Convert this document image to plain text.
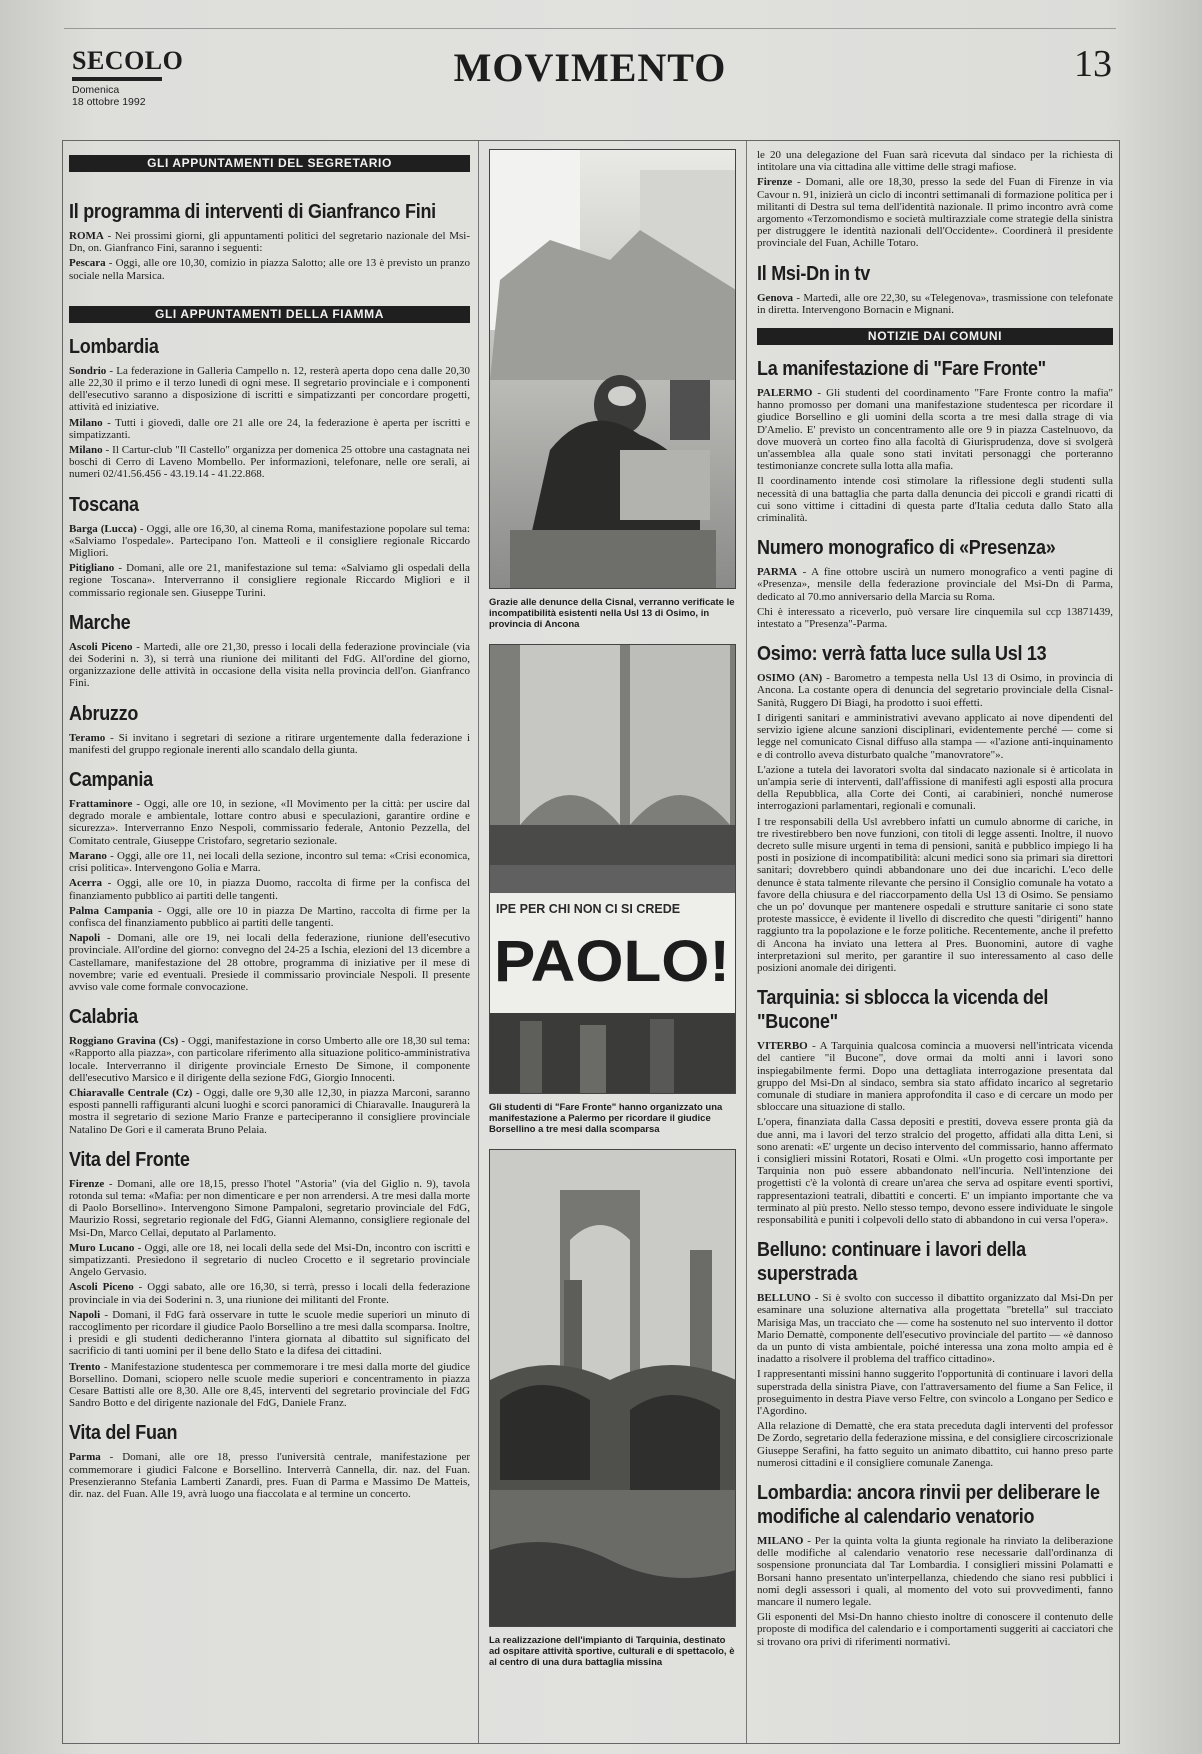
SECOLO
Domenica
18 ottobre 1992
MOVIMENTO	13
GLI APPUNTAMENTI DEL SEGRETARIO
Il programma di interventi di Gianfranco Fini

ROMA - Nei prossimi giorni, gli appuntamenti politici del segretario nazionale del Msi-Dn, on. Gianfranco Fini, saranno i seguenti:

Pescara - Oggi, alle ore 10,30, comizio in piazza Salotto; alle ore 13 è previsto un pranzo sociale nella Marsica.

GLI APPUNTAMENTI DELLA FIAMMA
Lombardia

Sondrio - La federazione in Galleria Campello n. 12, resterà aperta dopo cena dalle 20,30 alle 22,30 il primo e il terzo lunedì di ogni mese. Il segretario provinciale e i componenti dell'esecutivo saranno a disposizione di iscritti e simpatizzanti per concordare progetti, attività ed iniziative.

Milano - Tutti i giovedì, dalle ore 21 alle ore 24, la federazione è aperta per iscritti e simpatizzanti.

Milano - Il Cartur-club "Il Castello" organizza per domenica 25 ottobre una castagnata nei boschi di Cerro di Laveno Mombello. Per informazioni, telefonare, nelle ore serali, ai numeri 02/41.56.456 - 43.19.14 - 41.22.868.

Toscana

Barga (Lucca) - Oggi, alle ore 16,30, al cinema Roma, manifestazione popolare sul tema: «Salviamo l'ospedale». Partecipano l'on. Matteoli e il consigliere regionale Riccardo Migliori.

Pitigliano - Domani, alle ore 21, manifestazione sul tema: «Salviamo gli ospedali della regione Toscana». Interverranno il consigliere regionale Riccardo Migliori e il commissario regionale sen. Giuseppe Turini.

Marche

Ascoli Piceno - Martedì, alle ore 21,30, presso i locali della federazione provinciale (via dei Soderini n. 3), si terrà una riunione dei militanti del FdG. All'ordine del giorno, organizzazione delle attività in occasione della visita nella provincia dell'on. Gianfranco Fini.

Abruzzo

Teramo - Si invitano i segretari di sezione a ritirare urgentemente dalla federazione i manifesti del gruppo regionale inerenti allo scandalo della giunta.

Campania

Frattaminore - Oggi, alle ore 10, in sezione, «Il Movimento per la città: per uscire dal degrado morale e ambientale, lottare contro abusi e speculazioni, garantire ordine e sicurezza». Interverranno Enzo Nespoli, commissario federale, Antonio Pezzella, del Comitato centrale, Giuseppe Cristofaro, segretario sezionale.

Marano - Oggi, alle ore 11, nei locali della sezione, incontro sul tema: «Crisi economica, crisi politica». Intervengono Golia e Marra.

Acerra - Oggi, alle ore 10, in piazza Duomo, raccolta di firme per la confisca del finanziamento pubblico ai partiti delle tangenti.

Palma Campania - Oggi, alle ore 10 in piazza De Martino, raccolta di firme per la confisca del finanziamento pubblico ai partiti delle tangenti.

Napoli - Domani, alle ore 19, nei locali della federazione, riunione dell'esecutivo provinciale. All'ordine del giorno: convegno del 24-25 a Ischia, elezioni del 13 dicembre a Castellamare, manifestazione del 28 ottobre, programma di iniziative per il mese di novembre; varie ed eventuali. Presiede il commissario provinciale Nespoli. Il presente avviso vale come formale convocazione.

Calabria

Roggiano Gravina (Cs) - Oggi, manifestazione in corso Umberto alle ore 18,30 sul tema: «Rapporto alla piazza», con particolare riferimento alla situazione politico-amministrativa locale. Interverranno il dirigente provinciale Ernesto De Simone, il componente dell'esecutivo Marsico e il dirigente della sezione FdG, Giorgio Innocenti.

Chiaravalle Centrale (Cz) - Oggi, dalle ore 9,30 alle 12,30, in piazza Marconi, saranno esposti pannelli raffiguranti alcuni luoghi e scorci panoramici di Chiaravalle. Inaugurerà la mostra il segretario di sezione Mario Franze e parteciperanno il consigliere provinciale Natalino De Gori e il camerata Bruno Pelaia.

Vita del Fronte

Firenze - Domani, alle ore 18,15, presso l'hotel "Astoria" (via del Giglio n. 9), tavola rotonda sul tema: «Mafia: per non dimenticare e per non arrendersi. A tre mesi dalla morte di Paolo Borsellino». Intervengono Simone Pampaloni, segretario provinciale del FdG, Maurizio Rossi, segretario regionale del FdG, Gianni Alemanno, consigliere regionale del Msi-Dn, Marco Cellai, deputato al Parlamento.

Muro Lucano - Oggi, alle ore 18, nei locali della sede del Msi-Dn, incontro con iscritti e simpatizzanti. Presiedono il segretario di nucleo Crocetto e il segretario provinciale Angelo Gervasio.

Ascoli Piceno - Oggi sabato, alle ore 16,30, si terrà, presso i locali della federazione provinciale in via dei Soderini n. 3, una riunione dei militanti del Fronte.

Napoli - Domani, il FdG farà osservare in tutte le scuole medie superiori un minuto di raccoglimento per ricordare il giudice Paolo Borsellino a tre mesi dalla scomparsa. Inoltre, i presidi e gli studenti dedicheranno l'intera giornata al dibattito sul significato del sacrificio di tanti uomini per il bene dello Stato e la difesa dei cittadini.

Trento - Manifestazione studentesca per commemorare i tre mesi dalla morte del giudice Borsellino. Domani, sciopero nelle scuole medie superiori e concentramento in piazza Cesare Battisti alle ore 8,30. Alle ore 8,45, interventi del segretario provinciale del FdG Sandro Botto e del dirigente nazionale del FdG, Daniele Franz.

Vita del Fuan

Parma - Domani, alle ore 18, presso l'università centrale, manifestazione per commemorare i giudici Falcone e Borsellino. Interverrà Cannella, dir. naz. del Fuan. Presenzieranno Stefania Lamberti Zanardi, pres. Fuan di Parma e Massimo De Matteis, dir. naz. del Fuan. Alle 19, avrà luogo una fiaccolata e al termine un concerto.

Grazie alle denunce della Cisnal, verranno verificate le incompatibilità esistenti nella Usl 13 di Osimo, in provincia di Ancona
IPE PER CHI NON CI SI CREDE
PAOLO!
Gli studenti di "Fare Fronte" hanno organizzato una manifestazione a Palermo per ricordare il giudice Borsellino a tre mesi dalla scomparsa
La realizzazione dell'impianto di Tarquinia, destinato ad ospitare attività sportive, culturali e di spettacolo, è al centro di una dura battaglia missina

le 20 una delegazione del Fuan sarà ricevuta dal sindaco per la richiesta di intitolare una via cittadina alle vittime delle stragi mafiose.

Firenze - Domani, alle ore 18,30, presso la sede del Fuan di Firenze in via Cavour n. 91, inizierà un ciclo di incontri settimanali di formazione politica per i militanti di Destra sul tema dell'identità nazionale. Il primo incontro avrà come argomento «Terzomondismo e società multirazziale come strategie della sinistra per distruggere le identità nazionali dell'Occidente». Coordinerà il presidente provinciale del Fuan, Achille Totaro.

Il Msi-Dn in tv

Genova - Martedì, alle ore 22,30, su «Telegenova», trasmissione con telefonate in diretta. Intervengono Bornacin e Mignani.

NOTIZIE DAI COMUNI
La manifestazione di "Fare Fronte"

PALERMO - Gli studenti del coordinamento "Fare Fronte contro la mafia" hanno promosso per domani una manifestazione studentesca per ricordare il giudice Borsellino e gli uomini della scorta a tre mesi dalla strage di via D'Amelio. E' previsto un concentramento alle ore 9 in piazza Castelnuovo, da dove muoverà un corteo fino alla facoltà di Giurisprudenza, dove si svolgerà un'assemblea alla quale sono stati invitati personaggi che porteranno testimonianze concrete sulla lotta alla mafia.

Il coordinamento intende così stimolare la riflessione degli studenti sulla necessità di una battaglia che parta dalla denuncia dei piccoli e grandi ricatti di cui sono vittime i cittadini di questa parte d'Italia ceduta dallo Stato alla criminalità.

Numero monografico di «Presenza»

PARMA - A fine ottobre uscirà un numero monografico a venti pagine di «Presenza», mensile della federazione provinciale del Msi-Dn di Parma, dedicato al 70.mo anniversario della Marcia su Roma.

Chi è interessato a riceverlo, può versare lire cinquemila sul ccp 13871439, intestato a "Presenza"-Parma.

Osimo: verrà fatta luce sulla Usl 13

OSIMO (AN) - Barometro a tempesta nella Usl 13 di Osimo, in provincia di Ancona. La costante opera di denuncia del segretario provinciale della Cisnal-Sanità, Ruggero Di Biagi, ha prodotto i suoi effetti.

I dirigenti sanitari e amministrativi avevano applicato ai nove dipendenti del servizio igiene alcune sanzioni disciplinari, evidentemente perché — come si legge nel comunicato Cisnal diffuso alla stampa — «l'azione anti-inquinamento e di controllo aveva disturbato qualche "manovratore"».

L'azione a tutela dei lavoratori svolta dal sindacato nazionale si è articolata in un'ampia serie di interventi, dall'affissione di manifesti agli esposti alla procura della Repubblica, alla Corte dei Conti, ai carabinieri, nonché numerose interrogazioni parlamentari, regionali e comunali.

I tre responsabili della Usl avrebbero infatti un cumulo abnorme di cariche, in tre rivestirebbero ben nove funzioni, con titoli di legge assenti. Inoltre, il nuovo decreto sulle misure urgenti in tema di pensioni, sanità e pubblico impiego li ha posti in posizione di incompatibilità: alcuni medici sono sia primari sia direttori sanitari; dovrebbero quindi abbandonare uno dei due incarichi. L'eco delle denunce è stata talmente rilevante che persino il Consiglio comunale ha votato a favore della chiusura e del riaccorpamento della Usl 13 di Osimo. Se pensiamo che un po' dovunque per mantenere ospedali e strutture sanitarie ci sono state proteste massicce, è evidente il livello di discredito che questi "dirigenti" hanno raggiunto tra la popolazione e le forze politiche. Recentemente, anche il prefetto di Ancona ha inviato una lettera al Pres. Buonomini, autore di vaghe interpretazioni sul merito, per garantire il suo interessamento al caso delle posizioni anomale dei dirigenti.

Tarquinia: si sblocca la vicenda del "Bucone"

VITERBO - A Tarquinia qualcosa comincia a muoversi nell'intricata vicenda del cantiere "il Bucone", dove ormai da molti anni i lavori sono inspiegabilmente fermi. Dopo una dettagliata interrogazione presentata dal gruppo del Msi-Dn al sindaco, sembra sia stato affidato incarico al segretario comunale di studiare in maniera approfondita il caso e di cercare un modo per sbloccare una situazione di stallo.

L'opera, finanziata dalla Cassa depositi e prestiti, doveva essere pronta già da due anni, ma i lavori del terzo stralcio del progetto, affidati alla ditta Leni, si sono arenati: «E' urgente un deciso intervento del commissario, hanno affermato i consiglieri missini Rotatori, Rosati e Olmi. «Un progetto così importante per Tarquinia non può essere abbandonato nell'incuria. Nell'intenzione dei progettisti c'è la volontà di creare un'area che serva ad ospitare eventi sportivi, rappresentazioni teatrali, dibattiti e concerti. E' un impianto importante che va terminato al più presto. Nello stesso tempo, devono essere individuate le singole responsabilità e puniti i colpevoli dello stato di abbandono in cui versa l'opera».

Belluno: continuare i lavori della superstrada

BELLUNO - Si è svolto con successo il dibattito organizzato dal Msi-Dn per esaminare una soluzione alternativa alla progettata "bretella" sul tracciato Marisiga Mas, un tracciato che — come ha sostenuto nel suo intervento il dottor Mario Demattè, componente dell'esecutivo provinciale del partito — «è dannoso da un punto di vista ambientale, poiché interessa una zona molto ampia ed è inadatto a risolvere il problema del traffico cittadino».

I rappresentanti missini hanno suggerito l'opportunità di continuare i lavori della superstrada della sinistra Piave, con l'attraversamento del fiume a San Felice, il proseguimento in destra Piave verso Feltre, con svincolo a Longano per Sedico e l'Agordino.

Alla relazione di Demattè, che era stata preceduta dagli interventi del professor De Zordo, segretario della federazione missina, e del consigliere circoscrizionale Giuseppe Serafini, ha fatto seguito un animato dibattito, cui hanno preso parte numerosi cittadini e il consigliere comunale Zanenga.

Lombardia: ancora rinvii per deliberare le modifiche al calendario venatorio

MILANO - Per la quinta volta la giunta regionale ha rinviato la deliberazione delle modifiche al calendario venatorio rese necessarie dall'ordinanza di sospensione pronunciata dal Tar Lombardia. I consiglieri missini Polamatti e Borsani hanno presentato un'interpellanza, chiedendo che siano resi pubblici i nomi degli assessori i quali, al momento del voto sui provvedimenti, fanno mancare il numero legale.

Gli esponenti del Msi-Dn hanno chiesto inoltre di conoscere il contenuto delle proposte di modifica del calendario e i comportamenti suggeriti ai cacciatori che si trovano ora privi di riferimenti normativi.
